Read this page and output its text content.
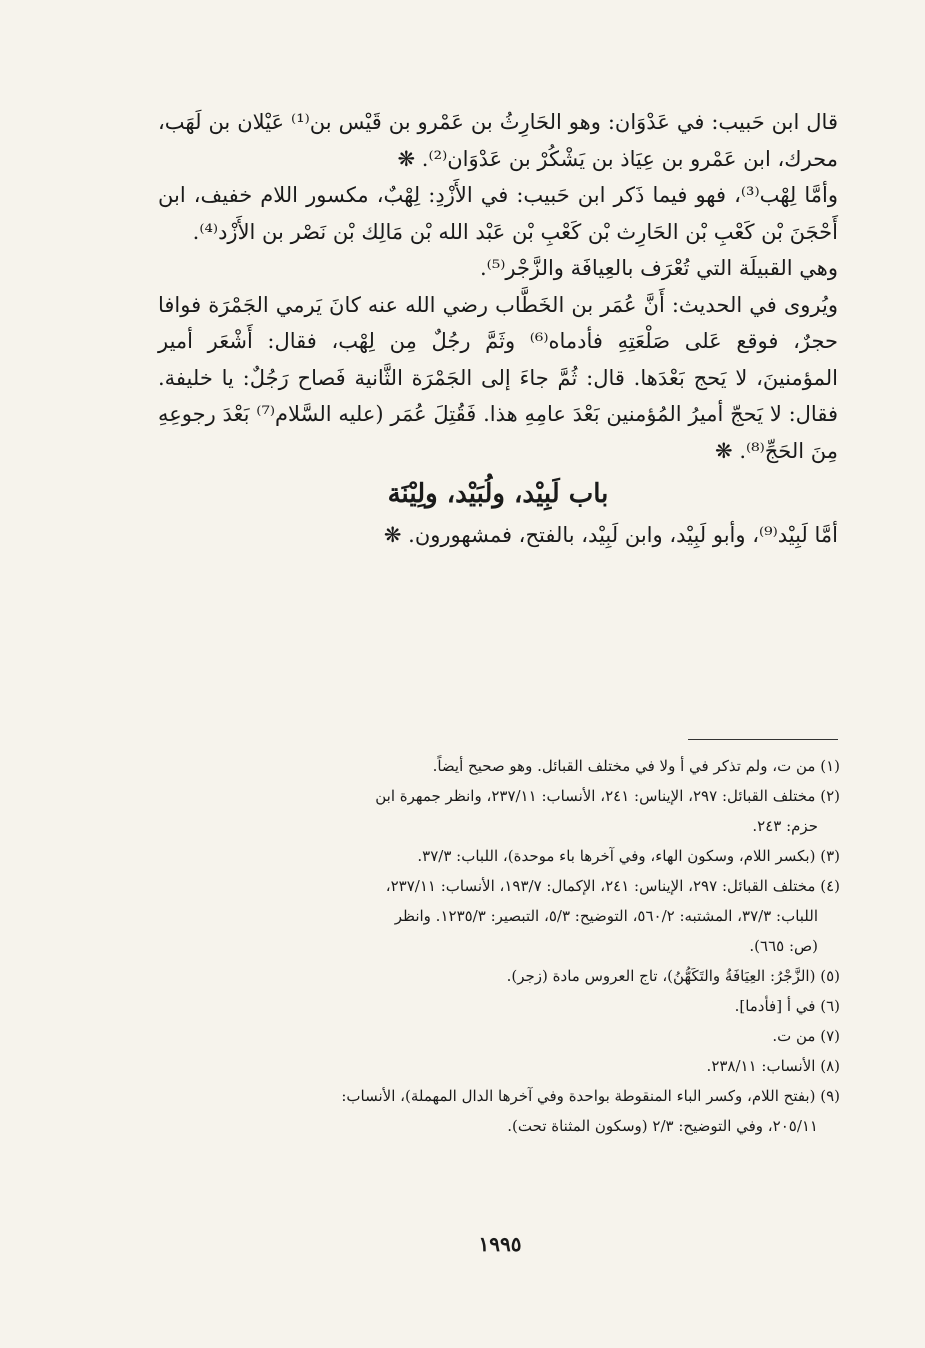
قال ابن حَبيب: في عَدْوَان: وهو الحَارِثُ بن عَمْرو بن قَيْس بن⁽¹⁾ عَيْلان بن لَهَب، محرك، ابن عَمْرو بن عِيَاذ بن يَشْكُرْ بن عَدْوَان⁽²⁾. ❋

وأمَّا لِهْب⁽³⁾، فهو فيما ذَكر ابن حَبيب: في الأَزْدِ: لِهْبٌ، مكسور اللام خفيف، ابن أَحْجَنَ بْن كَعْبِ بْن الحَارِث بْن كَعْبِ بْن عَبْد الله بْن مَالِك بْن نَصْر بن الأَزْد⁽⁴⁾.

وهي القبيلَة التي تُعْرَف بالعِيافَة والزَّجْر⁽⁵⁾.

ويُروى في الحديث: أَنَّ عُمَر بن الخَطَّاب رضي الله عنه كانَ يَرمي الجَمْرَة فوافا حجرٌ، فوقع عَلى صَلْعَتِهِ فأدماه⁽⁶⁾ وثَمَّ رجُلٌ مِن لِهْب، فقال: أَشْعَر أمير المؤمنينَ، لا يَحج بَعْدَها. قال: ثُمَّ جاءَ إلى الجَمْرَة الثَّانية فَصاح رَجُلٌ: يا خليفة. فقال: لا يَحجّ أميرُ المُؤمنين بَعْدَ عامِهِ هذا. فَقُتِلَ عُمَر (عليه السَّلام⁽⁷⁾ بَعْدَ رجوعِهِ مِنَ الحَجِّ⁽⁸⁾. ❋

باب لَبِيْد، ولُبَيْد، ولِيْنَة

أمَّا لَبِيْد⁽⁹⁾، وأبو لَبِيْد، وابن لَبِيْد، بالفتح، فمشهورون. ❋

(١) من ت، ولم تذكر في أ ولا في مختلف القبائل. وهو صحيح أيضاً.

(٢) مختلف القبائل: ٢٩٧، الإيناس: ٢٤١، الأنساب: ٢٣٧/١١، وانظر جمهرة ابن

حزم: ٢٤٣.

(٣) (بكسر اللام، وسكون الهاء، وفي آخرها باء موحدة)، اللباب: ٣٧/٣.

(٤) مختلف القبائل: ٢٩٧، الإيناس: ٢٤١، الإكمال: ١٩٣/٧، الأنساب: ٢٣٧/١١،

اللباب: ٣٧/٣، المشتبه: ٥٦٠/٢، التوضيح: ٥/٣، التبصير: ١٢٣٥/٣. وانظر

(ص: ٦٦٥).

(٥) (الزَّجْرُ: العِيَافَةُ والتَكَهُّنُ)، تاج العروس مادة (زجر).

(٦) في أ [فأدما].

(٧) من ت.

(٨) الأنساب: ٢٣٨/١١.

(٩) (بفتح اللام، وكسر الباء المنقوطة بواحدة وفي آخرها الدال المهملة)، الأنساب:

٢٠٥/١١، وفي التوضيح: ٢/٣ (وسكون المثناة تحت).

١٩٩٥
